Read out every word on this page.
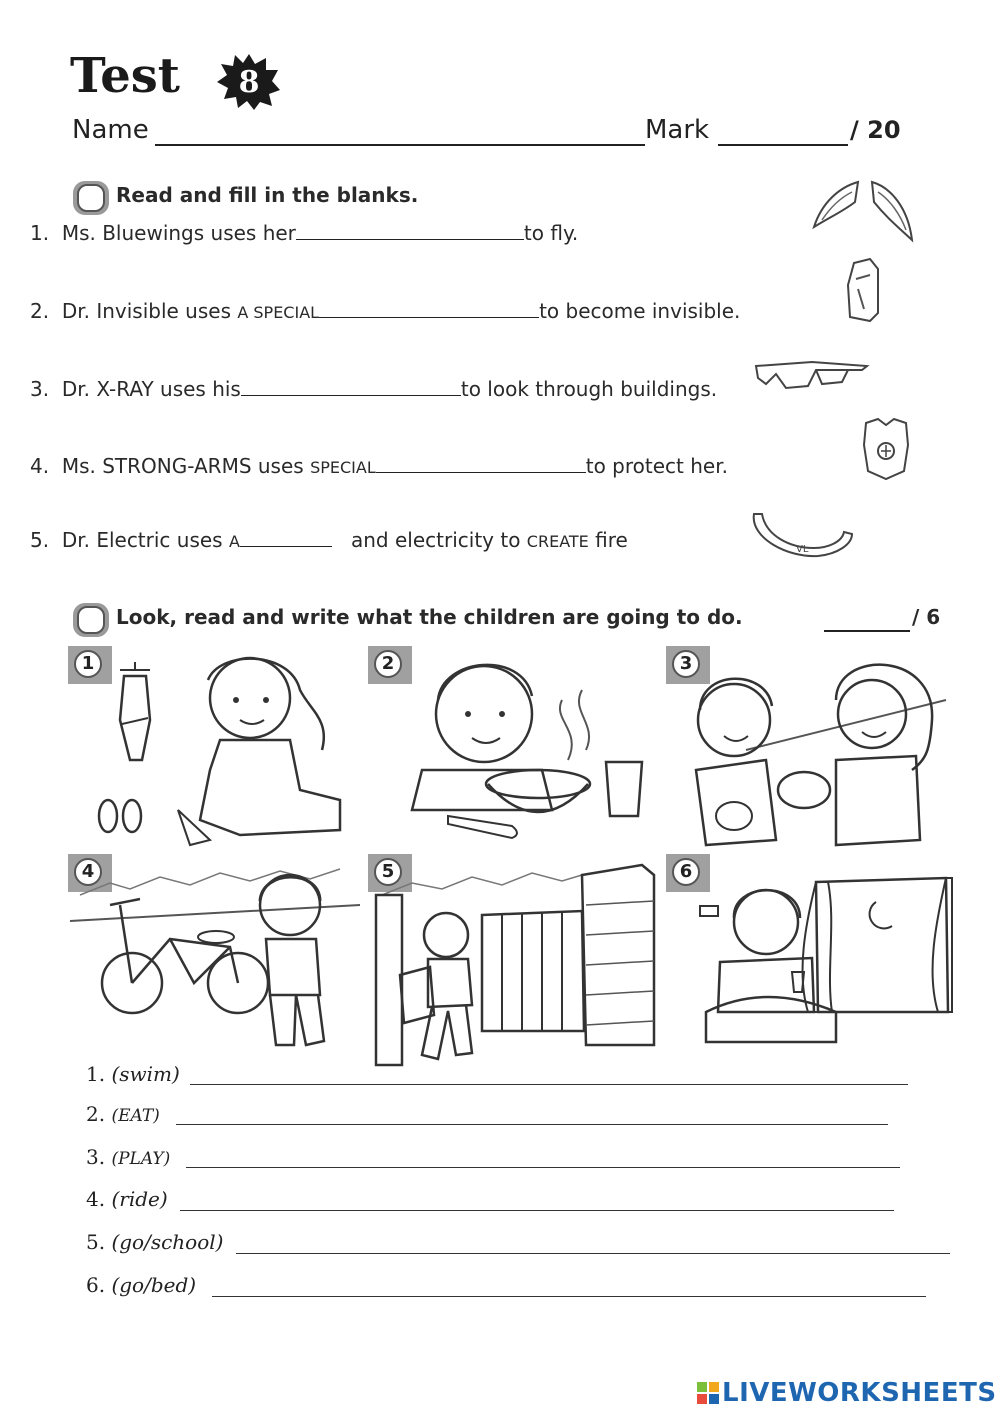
Test 8
Name	Mark	/ 20
Read and fill in the blanks.
1. Ms. Bluewings uses her	to fly.
2. Dr. Invisible uses A SPECIAL	to become invisible.
3. Dr. X-RAY uses his	to look through buildings.
4. Ms. STRONG-ARMS uses SPECIAL	to protect her.
5. Dr. Electric uses A	and electricity to CREATE fire	VL
Look, read and write what the children are going to do.	/ 6
1	2	3
4	5	6
1. (swim)
2. (EAT)
3. (PLAY)
4. (ride)
5. (go/school)
6. (go/bed)
LIVEWORKSHEETS
